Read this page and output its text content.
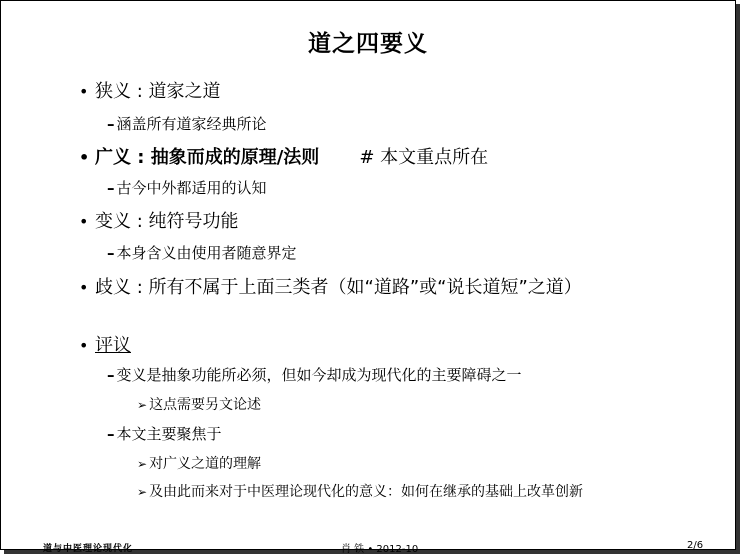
道之四要义
• 狭义 : 道家之道
– 涵盖所有道家经典所论
• 广义 : 抽象而成的原理/法则 # 本文重点所在
– 古今中外都适用的认知
• 变义 : 纯符号功能
– 本身含义由使用者随意界定
• 歧义 : 所有不属于上面三类者（如“道路”或“说长道短”之道）
• 评议
– 变义是抽象功能所必须，但如今却成为现代化的主要障碍之一
➢ 这点需要另文论述
– 本文主要聚焦于
➢ 对广义之道的理解
➢ 及由此而来对于中医理论现代化的意义：如何在继承的基础上改革创新
道与中医理论现代化	肖 铁 • 2012-10	2/6
